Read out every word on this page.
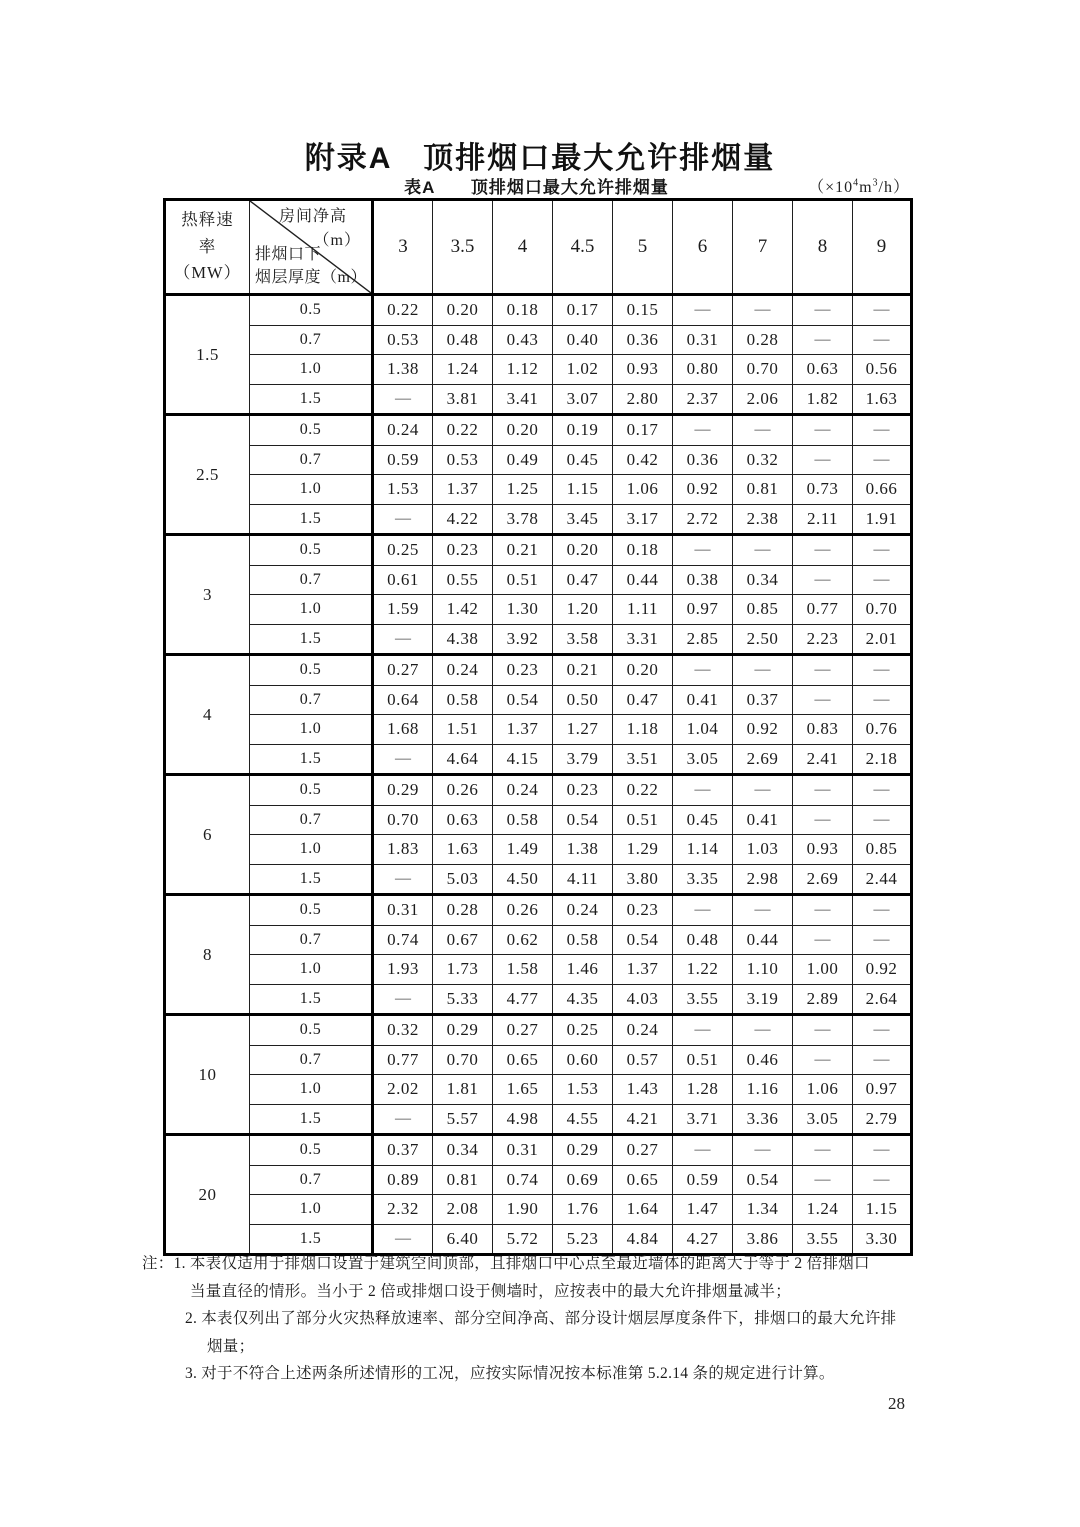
附录A　顶排烟口最大允许排烟量
表A　　顶排烟口最大允许排烟量	$(\times 10^4m^3/h)$
热释速
率
（MW）

房间净高
（m）
排烟口下
烟层厚度（m）
	3	3.5	4	4.5	5	6	7	8	9
1.5	0.5	0.22	0.20	0.18	0.17	0.15	—	—	—	—
	0.7	0.53	0.48	0.43	0.40	0.36	0.31	0.28	—	—
	1.0	1.38	1.24	1.12	1.02	0.93	0.80	0.70	0.63	0.56
	1.5	—	3.81	3.41	3.07	2.80	2.37	2.06	1.82	1.63
2.5	0.5	0.24	0.22	0.20	0.19	0.17	—	—	—	—
	0.7	0.59	0.53	0.49	0.45	0.42	0.36	0.32	—	—
	1.0	1.53	1.37	1.25	1.15	1.06	0.92	0.81	0.73	0.66
	1.5	—	4.22	3.78	3.45	3.17	2.72	2.38	2.11	1.91
3	0.5	0.25	0.23	0.21	0.20	0.18	—	—	—	—
	0.7	0.61	0.55	0.51	0.47	0.44	0.38	0.34	—	—
	1.0	1.59	1.42	1.30	1.20	1.11	0.97	0.85	0.77	0.70
	1.5	—	4.38	3.92	3.58	3.31	2.85	2.50	2.23	2.01
4	0.5	0.27	0.24	0.23	0.21	0.20	—	—	—	—
	0.7	0.64	0.58	0.54	0.50	0.47	0.41	0.37	—	—
	1.0	1.68	1.51	1.37	1.27	1.18	1.04	0.92	0.83	0.76
	1.5	—	4.64	4.15	3.79	3.51	3.05	2.69	2.41	2.18
6	0.5	0.29	0.26	0.24	0.23	0.22	—	—	—	—
	0.7	0.70	0.63	0.58	0.54	0.51	0.45	0.41	—	—
	1.0	1.83	1.63	1.49	1.38	1.29	1.14	1.03	0.93	0.85
	1.5	—	5.03	4.50	4.11	3.80	3.35	2.98	2.69	2.44
8	0.5	0.31	0.28	0.26	0.24	0.23	—	—	—	—
	0.7	0.74	0.67	0.62	0.58	0.54	0.48	0.44	—	—
	1.0	1.93	1.73	1.58	1.46	1.37	1.22	1.10	1.00	0.92
	1.5	—	5.33	4.77	4.35	4.03	3.55	3.19	2.89	2.64
10	0.5	0.32	0.29	0.27	0.25	0.24	—	—	—	—
	0.7	0.77	0.70	0.65	0.60	0.57	0.51	0.46	—	—
	1.0	2.02	1.81	1.65	1.53	1.43	1.28	1.16	1.06	0.97
	1.5	—	5.57	4.98	4.55	4.21	3.71	3.36	3.05	2.79
20	0.5	0.37	0.34	0.31	0.29	0.27	—	—	—	—
	0.7	0.89	0.81	0.74	0.69	0.65	0.59	0.54	—	—
	1.0	2.32	2.08	1.90	1.76	1.64	1.47	1.34	1.24	1.15
	1.5	—	6.40	5.72	5.23	4.84	4.27	3.86	3.55	3.30
注：1. 本表仅适用于排烟口设置于建筑空间顶部，且排烟口中心点至最近墙体的距离大于等于 2 倍排烟口
当量直径的情形。当小于 2 倍或排烟口设于侧墙时，应按表中的最大允许排烟量减半；
2. 本表仅列出了部分火灾热释放速率、部分空间净高、部分设计烟层厚度条件下，排烟口的最大允许排
烟量；
3. 对于不符合上述两条所述情形的工况，应按实际情况按本标准第 5.2.14 条的规定进行计算。
28
